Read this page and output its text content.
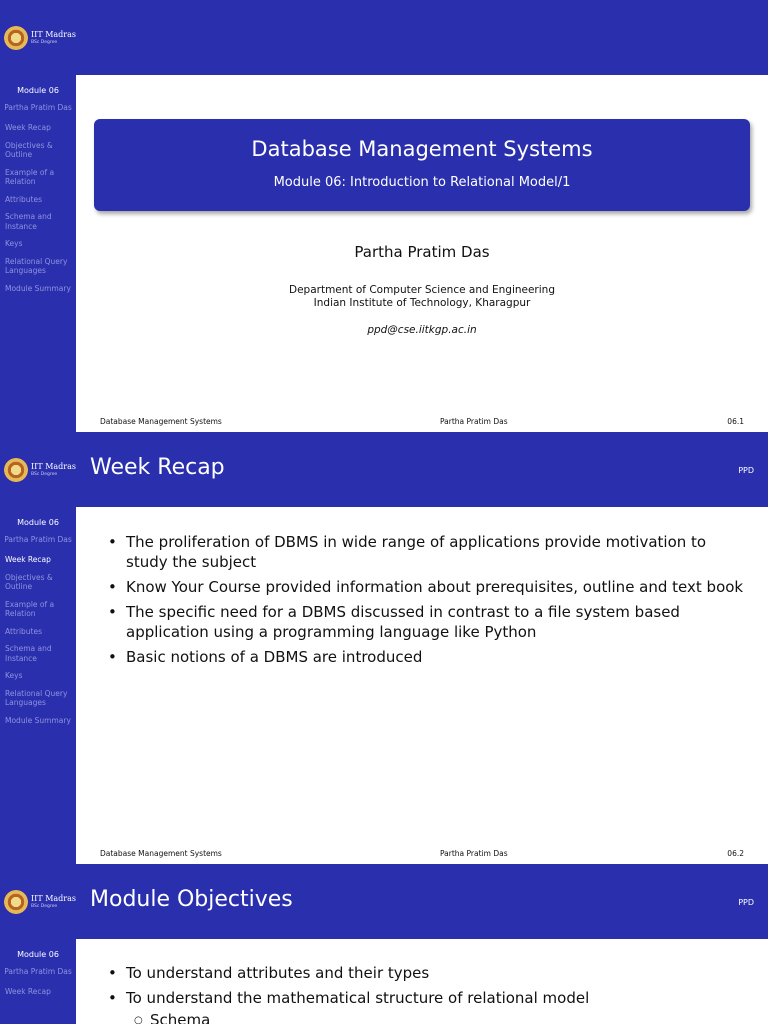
IIT Madras
BSc Degree
Module 06
Partha Pratim Das
Week Recap
Objectives & Outline
Example of a Relation
Attributes
Schema and Instance
Keys
Relational Query Languages
Module Summary
Database Management Systems
Module 06: Introduction to Relational Model/1
Partha Pratim Das
Department of Computer Science and Engineering
Indian Institute of Technology, Kharagpur
ppd@cse.iitkgp.ac.in
Database Management Systems	Partha Pratim Das	06.1
IIT Madras
BSc Degree
Module 06
Partha Pratim Das
Week Recap
Objectives & Outline
Example of a Relation
Attributes
Schema and Instance
Keys
Relational Query Languages
Module Summary
Week Recap	PPD
• The proliferation of DBMS in wide range of applications provide motivation to study the subject
• Know Your Course provided information about prerequisites, outline and text book
• The specific need for a DBMS discussed in contrast to a file system based application using a programming language like Python
• Basic notions of a DBMS are introduced
Database Management Systems	Partha Pratim Das	06.2
IIT Madras
BSc Degree
Module 06
Partha Pratim Das
Week Recap
Module Objectives	PPD
• To understand attributes and their types
• To understand the mathematical structure of relational model
○ Schema
